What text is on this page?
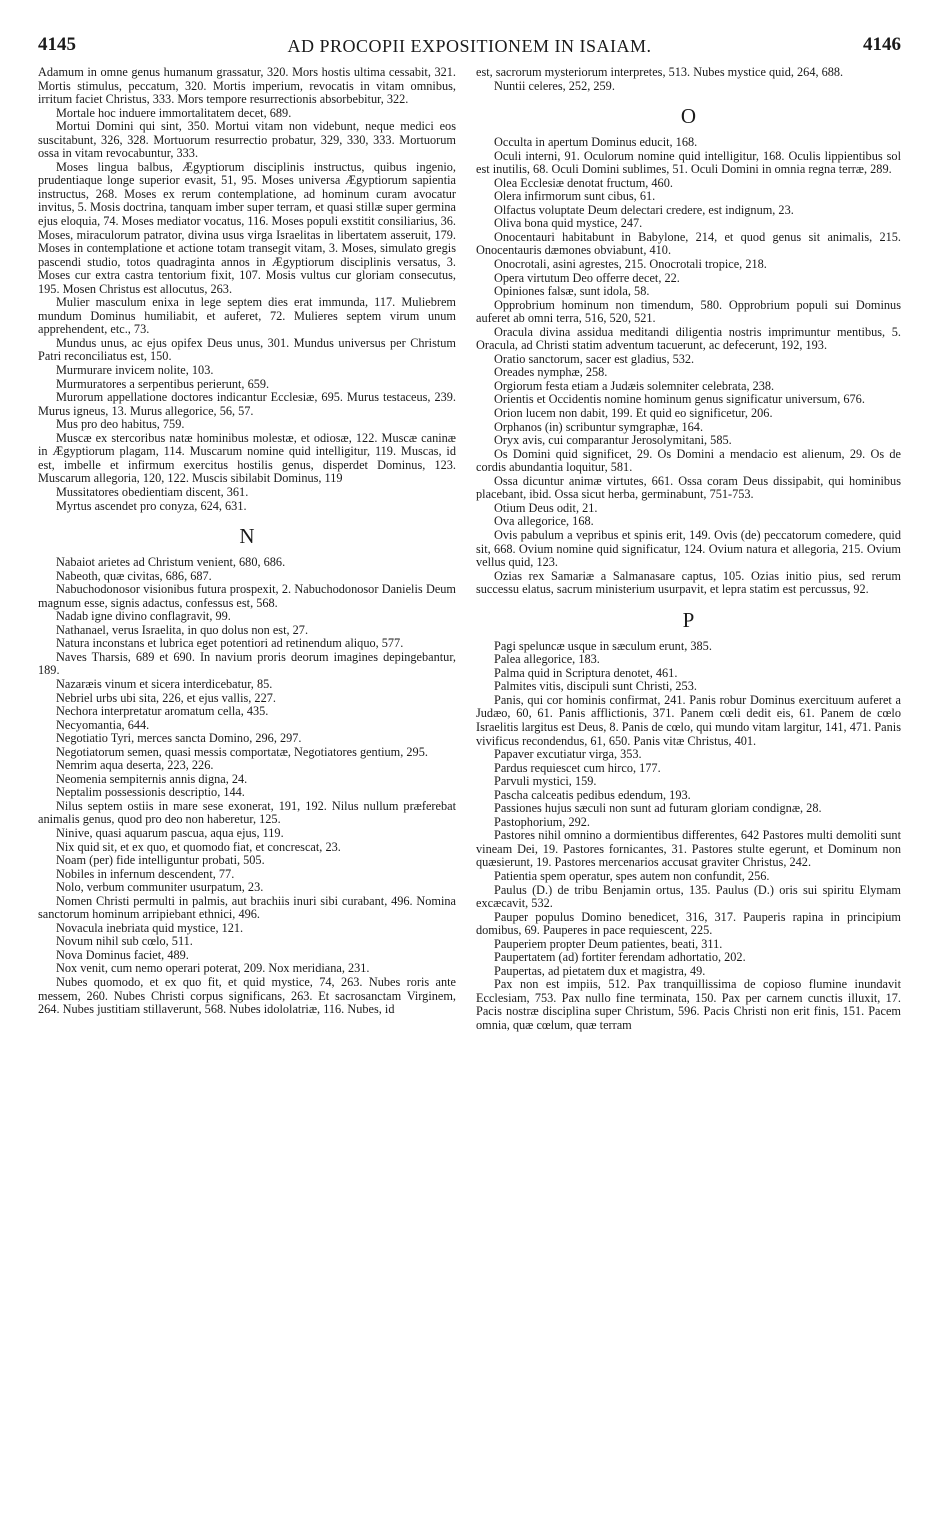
4145	AD PROCOPII EXPOSITIONEM IN ISAIAM.	4146

Adamum in omne genus humanum grassatur, 320. Mors hostis ultima cessabit, 321. Mortis stimulus, peccatum, 320. Mortis imperium, revocatis in vitam omnibus, irritum faciet Christus, 333. Mors tempore resurrectionis absorbebitur, 322.

Mortale hoc induere immortalitatem decet, 689.

Mortui Domini qui sint, 350. Mortui vitam non videbunt, neque medici eos suscitabunt, 326, 328. Mortuorum resurrectio probatur, 329, 330, 333. Mortuorum ossa in vitam revocabuntur, 333.

Moses lingua balbus, Ægyptiorum disciplinis instructus, quibus ingenio, prudentiaque longe superior evasit, 51, 95. Moses universa Ægyptiorum sapientia instructus, 268. Moses ex rerum contemplatione, ad hominum curam avocatur invitus, 5. Mosis doctrina, tanquam imber super terram, et quasi stillæ super germina ejus eloquia, 74. Moses mediator vocatus, 116. Moses populi exstitit consiliarius, 36. Moses, miraculorum patrator, divina usus virga Israelitas in libertatem asseruit, 179. Moses in contemplatione et actione totam transegit vitam, 3. Moses, simulato gregis pascendi studio, totos quadraginta annos in Ægyptiorum disciplinis versatus, 3. Moses cur extra castra tentorium fixit, 107. Mosis vultus cur gloriam consecutus, 195. Mosen Christus est allocutus, 263.

Mulier masculum enixa in lege septem dies erat immunda, 117. Muliebrem mundum Dominus humiliabit, et auferet, 72. Mulieres septem virum unum apprehendent, etc., 73.

Mundus unus, ac ejus opifex Deus unus, 301. Mundus universus per Christum Patri reconciliatus est, 150.

Murmurare invicem nolite, 103.

Murmuratores a serpentibus perierunt, 659.

Murorum appellatione doctores indicantur Ecclesiæ, 695. Murus testaceus, 239. Murus igneus, 13. Murus allegorice, 56, 57.

Mus pro deo habitus, 759.

Muscæ ex stercoribus natæ hominibus molestæ, et odiosæ, 122. Muscæ caninæ in Ægyptiorum plagam, 114. Muscarum nomine quid intelligitur, 119. Muscas, id est, imbelle et infirmum exercitus hostilis genus, disperdet Dominus, 123. Muscarum allegoria, 120, 122. Muscis sibilabit Dominus, 119

Mussitatores obedientiam discent, 361.

Myrtus ascendet pro conyza, 624, 631.

N

Nabaiot arietes ad Christum venient, 680, 686.

Nabeoth, quæ civitas, 686, 687.

Nabuchodonosor visionibus futura prospexit, 2. Nabuchodonosor Danielis Deum magnum esse, signis adactus, confessus est, 568.

Nadab igne divino conflagravit, 99.

Nathanael, verus Israelita, in quo dolus non est, 27.

Natura inconstans et lubrica eget potentiori ad retinendum aliquo, 577.

Naves Tharsis, 689 et 690. In navium proris deorum imagines depingebantur, 189.

Nazaræis vinum et sicera interdicebatur, 85.

Nebriel urbs ubi sita, 226, et ejus vallis, 227.

Nechora interpretatur aromatum cella, 435.

Necyomantia, 644.

Negotiatio Tyri, merces sancta Domino, 296, 297.

Negotiatorum semen, quasi messis comportatæ, Negotiatores gentium, 295.

Nemrim aqua deserta, 223, 226.

Neomenia sempiternis annis digna, 24.

Neptalim possessionis descriptio, 144.

Nilus septem ostiis in mare sese exonerat, 191, 192. Nilus nullum præferebat animalis genus, quod pro deo non haberetur, 125.

Ninive, quasi aquarum pascua, aqua ejus, 119.

Nix quid sit, et ex quo, et quomodo fiat, et concrescat, 23.

Noam (per) fide intelliguntur probati, 505.

Nobiles in infernum descendent, 77.

Nolo, verbum communiter usurpatum, 23.

Nomen Christi permulti in palmis, aut brachiis inuri sibi curabant, 496. Nomina sanctorum hominum arripiebant ethnici, 496.

Novacula inebriata quid mystice, 121.

Novum nihil sub cœlo, 511.

Nova Dominus faciet, 489.

Nox venit, cum nemo operari poterat, 209. Nox meridiana, 231.

Nubes quomodo, et ex quo fit, et quid mystice, 74, 263. Nubes roris ante messem, 260. Nubes Christi corpus significans, 263. Et sacrosanctam Virginem, 264. Nubes justitiam stillaverunt, 568. Nubes idololatriæ, 116. Nubes, id

est, sacrorum mysteriorum interpretes, 513. Nubes mystice quid, 264, 688.

Nuntii celeres, 252, 259.

O

Occulta in apertum Dominus educit, 168.

Oculi interni, 91. Oculorum nomine quid intelligitur, 168. Oculis lippientibus sol est inutilis, 68. Oculi Domini sublimes, 51. Oculi Domini in omnia regna terræ, 289.

Olea Ecclesiæ denotat fructum, 460.

Olera infirmorum sunt cibus, 61.

Olfactus voluptate Deum delectari credere, est indignum, 23.

Oliva bona quid mystice, 247.

Onocentauri habitabunt in Babylone, 214, et quod genus sit animalis, 215. Onocentauris dæmones obviabunt, 410.

Onocrotali, asini agrestes, 215. Onocrotali tropice, 218.

Opera virtutum Deo offerre decet, 22.

Opiniones falsæ, sunt idola, 58.

Opprobrium hominum non timendum, 580. Opprobrium populi sui Dominus auferet ab omni terra, 516, 520, 521.

Oracula divina assidua meditandi diligentia nostris imprimuntur mentibus, 5. Oracula, ad Christi statim adventum tacuerunt, ac defecerunt, 192, 193.

Oratio sanctorum, sacer est gladius, 532.

Oreades nymphæ, 258.

Orgiorum festa etiam a Judæis solemniter celebrata, 238.

Orientis et Occidentis nomine hominum genus significatur universum, 676.

Orion lucem non dabit, 199. Et quid eo significetur, 206.

Orphanos (in) scribuntur symgraphæ, 164.

Oryx avis, cui comparantur Jerosolymitani, 585.

Os Domini quid significet, 29. Os Domini a mendacio est alienum, 29. Os de cordis abundantia loquitur, 581.

Ossa dicuntur animæ virtutes, 661. Ossa coram Deus dissipabit, qui hominibus placebant, ibid. Ossa sicut herba, germinabunt, 751-753.

Otium Deus odit, 21.

Ova allegorice, 168.

Ovis pabulum a vepribus et spinis erit, 149. Ovis (de) peccatorum comedere, quid sit, 668. Ovium nomine quid significatur, 124. Ovium natura et allegoria, 215. Ovium vellus quid, 123.

Ozias rex Samariæ a Salmanasare captus, 105. Ozias initio pius, sed rerum successu elatus, sacrum ministerium usurpavit, et lepra statim est percussus, 92.

P

Pagi speluncæ usque in sæculum erunt, 385.

Palea allegorice, 183.

Palma quid in Scriptura denotet, 461.

Palmites vitis, discipuli sunt Christi, 253.

Panis, qui cor hominis confirmat, 241. Panis robur Dominus exercituum auferet a Judæo, 60, 61. Panis afflictionis, 371. Panem cœli dedit eis, 61. Panem de cœlo Israelitis largitus est Deus, 8. Panis de cœlo, qui mundo vitam largitur, 141, 471. Panis vivificus recondendus, 61, 650. Panis vitæ Christus, 401.

Papaver excutiatur virga, 353.

Pardus requiescet cum hirco, 177.

Parvuli mystici, 159.

Pascha calceatis pedibus edendum, 193.

Passiones hujus sæculi non sunt ad futuram gloriam condignæ, 28.

Pastophorium, 292.

Pastores nihil omnino a dormientibus differentes, 642 Pastores multi demoliti sunt vineam Dei, 19. Pastores fornicantes, 31. Pastores stulte egerunt, et Dominum non quæsierunt, 19. Pastores mercenarios accusat graviter Christus, 242.

Patientia spem operatur, spes autem non confundit, 256.

Paulus (D.) de tribu Benjamin ortus, 135. Paulus (D.) oris sui spiritu Elymam excæcavit, 532.

Pauper populus Domino benedicet, 316, 317. Pauperis rapina in principium domibus, 69. Pauperes in pace requiescent, 225.

Pauperiem propter Deum patientes, beati, 311.

Paupertatem (ad) fortiter ferendam adhortatio, 202.

Paupertas, ad pietatem dux et magistra, 49.

Pax non est impiis, 512. Pax tranquillissima de copioso flumine inundavit Ecclesiam, 753. Pax nullo fine terminata, 150. Pax per carnem cunctis illuxit, 17. Pacis nostræ disciplina super Christum, 596. Pacis Christi non erit finis, 151. Pacem omnia, quæ cœlum, quæ terram
